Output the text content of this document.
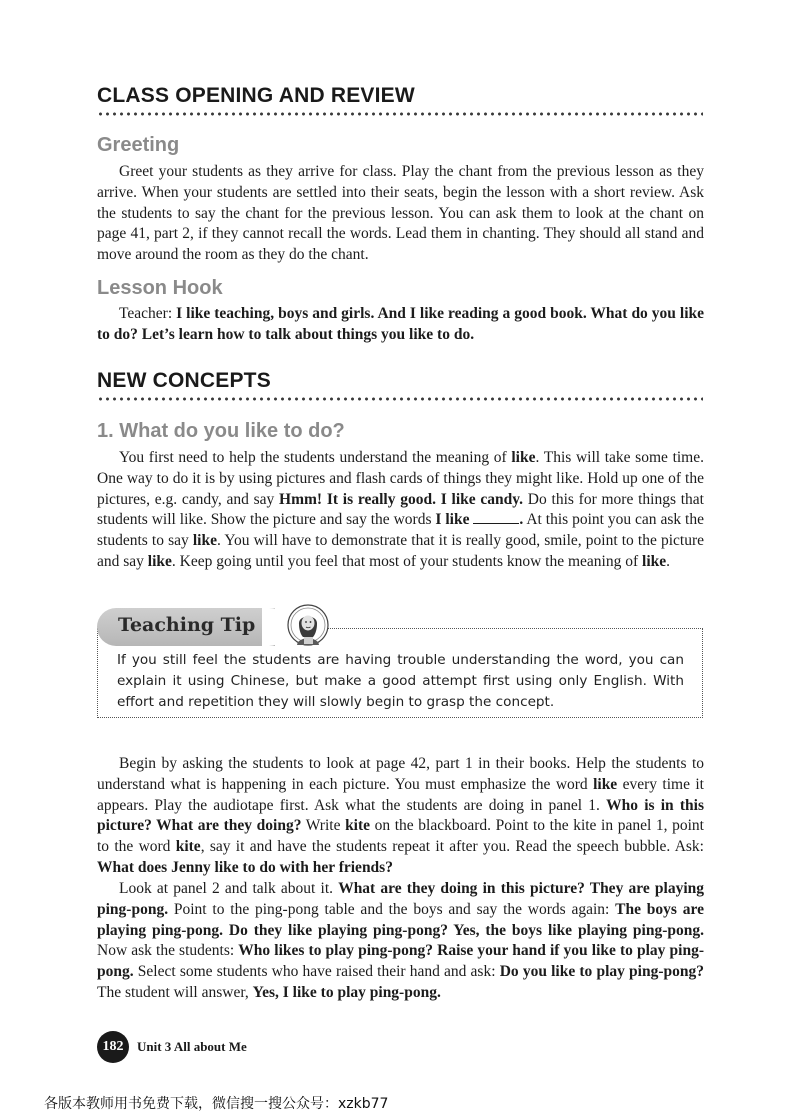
CLASS OPENING AND REVIEW
Greeting

Greet your students as they arrive for class. Play the chant from the previous lesson as they arrive. When your students are settled into their seats, begin the lesson with a short review. Ask the students to say the chant for the previous lesson. You can ask them to look at the chant on page 41, part 2, if they cannot recall the words. Lead them in chanting. They should all stand and move around the room as they do the chant.

Lesson Hook

Teacher: I like teaching, boys and girls. And I like reading a good book. What do you like to do? Let’s learn how to talk about things you like to do.

NEW CONCEPTS
1. What do you like to do?

You first need to help the students understand the meaning of like. This will take some time. One way to do it is by using pictures and flash cards of things they might like. Hold up one of the pictures, e.g. candy, and say Hmm! It is really good. I like candy. Do this for more things that students will like. Show the picture and say the words I like	. At this point you can ask the students to say like. You will have to demonstrate that it is really good, smile, point to the picture and say like. Keep going until you feel that most of your students know the meaning of like.

Teaching Tip

If you still feel the students are having trouble understanding the word, you can explain it using Chinese, but make a good attempt first using only English. With effort and repetition they will slowly begin to grasp the concept.

Begin by asking the students to look at page 42, part 1 in their books. Help the students to understand what is happening in each picture. You must emphasize the word like every time it appears. Play the audiotape first. Ask what the students are doing in panel 1. Who is in this picture? What are they doing? Write kite on the blackboard. Point to the kite in panel 1, point to the word kite, say it and have the students repeat it after you. Read the speech bubble. Ask: What does Jenny like to do with her friends?

Look at panel 2 and talk about it. What are they doing in this picture? They are playing ping-pong. Point to the ping-pong table and the boys and say the words again: The boys are playing ping-pong. Do they like playing ping-pong? Yes, the boys like playing ping-pong. Now ask the students: Who likes to play ping-pong? Raise your hand if you like to play ping-pong. Select some students who have raised their hand and ask: Do you like to play ping-pong? The student will answer, Yes, I like to play ping-pong.

182	Unit 3 All about Me
各版本教师用书免费下载，微信搜一搜公众号：xzkb77
